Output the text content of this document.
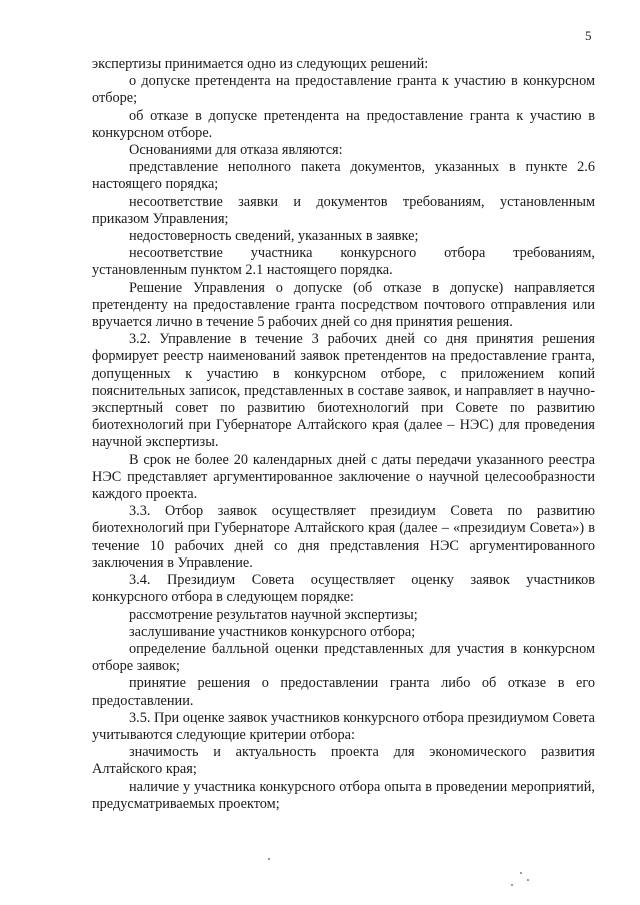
5

экспертизы принимается одно из следующих решений:

о допуске претендента на предоставление гранта к участию в конкурсном отборе;

об отказе в допуске претендента на предоставление гранта к участию в конкурсном отборе.

Основаниями для отказа являются:

представление неполного пакета документов, указанных в пункте 2.6 настоящего порядка;

несоответствие заявки и документов требованиям, установленным приказом Управления;

недостоверность сведений, указанных в заявке;

несоответствие участника конкурсного отбора требованиям, установленным пунктом 2.1 настоящего порядка.

Решение Управления о допуске (об отказе в допуске) направляется претенденту на предоставление гранта посредством почтового отправления или вручается лично в течение 5 рабочих дней со дня принятия решения.

3.2. Управление в течение 3 рабочих дней со дня принятия решения формирует реестр наименований заявок претендентов на предоставление гранта, допущенных к участию в конкурсном отборе, с приложением копий пояснительных записок, представленных в составе заявок, и направляет в научно-экспертный совет по развитию биотехнологий при Совете по развитию биотехнологий при Губернаторе Алтайского края (далее – НЭС) для проведения научной экспертизы.

В срок не более 20 календарных дней с даты передачи указанного реестра НЭС представляет аргументированное заключение о научной целесообразности каждого проекта.

3.3. Отбор заявок осуществляет президиум Совета по развитию биотехнологий при Губернаторе Алтайского края (далее – «президиум Совета») в течение 10 рабочих дней со дня представления НЭС аргументированного заключения в Управление.

3.4. Президиум Совета осуществляет оценку заявок участников конкурсного отбора в следующем порядке:

рассмотрение результатов научной экспертизы;

заслушивание участников конкурсного отбора;

определение балльной оценки представленных для участия в конкурсном отборе заявок;

принятие решения о предоставлении гранта либо об отказе в его предоставлении.

3.5. При оценке заявок участников конкурсного отбора президиумом Совета учитываются следующие критерии отбора:

значимость и актуальность проекта для экономического развития Алтайского края;

наличие у участника конкурсного отбора опыта в проведении мероприятий, предусматриваемых проектом;
